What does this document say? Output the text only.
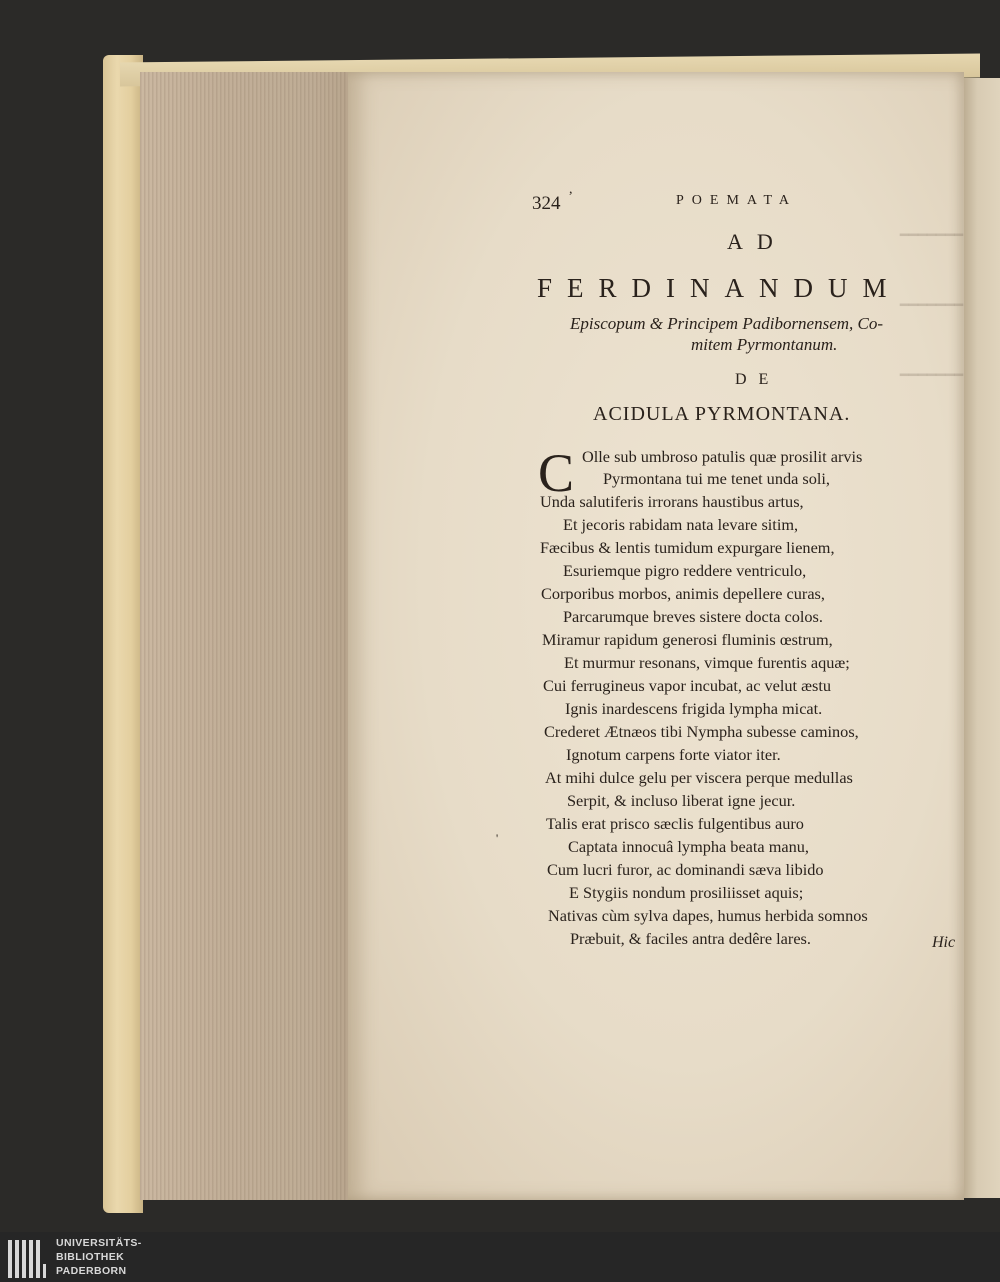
━━━━━━━
━━━━━━━
━━━━━━━
324
,
POEMATA
AD
FERDINANDUM
Episcopum & Principem Padibornensem, Co-
mitem Pyrmontanum.
DE
ACIDULA PYRMONTANA.
C Olle sub umbroso patulis quæ prosilit arvis
Pyrmontana tui me tenet unda soli,
Unda salutiferis irrorans haustibus artus,
Et jecoris rabidam nata levare sitim,
Fæcibus & lentis tumidum expurgare lienem,
Esuriemque pigro reddere ventriculo,
Corporibus morbos, animis depellere curas,
Parcarumque breves sistere docta colos.
Miramur rapidum generosi fluminis œstrum,
Et murmur resonans, vimque furentis aquæ;
Cui ferrugineus vapor incubat, ac velut æstu
Ignis inardescens frigida lympha micat.
Crederet Ætnæos tibi Nympha subesse caminos,
Ignotum carpens forte viator iter.
At mihi dulce gelu per viscera perque medullas
Serpit, & incluso liberat igne jecur.
Talis erat prisco sæclis fulgentibus auro
'	Captata innocuâ lympha beata manu,
Cum lucri furor, ac dominandi sæva libido
E Stygiis nondum prosiliisset aquis;
Nativas cùm sylva dapes, humus herbida somnos
Præbuit, & faciles antra dedêre lares.	Hic
UNIVERSITÄTS-
BIBLIOTHEK
PADERBORN
